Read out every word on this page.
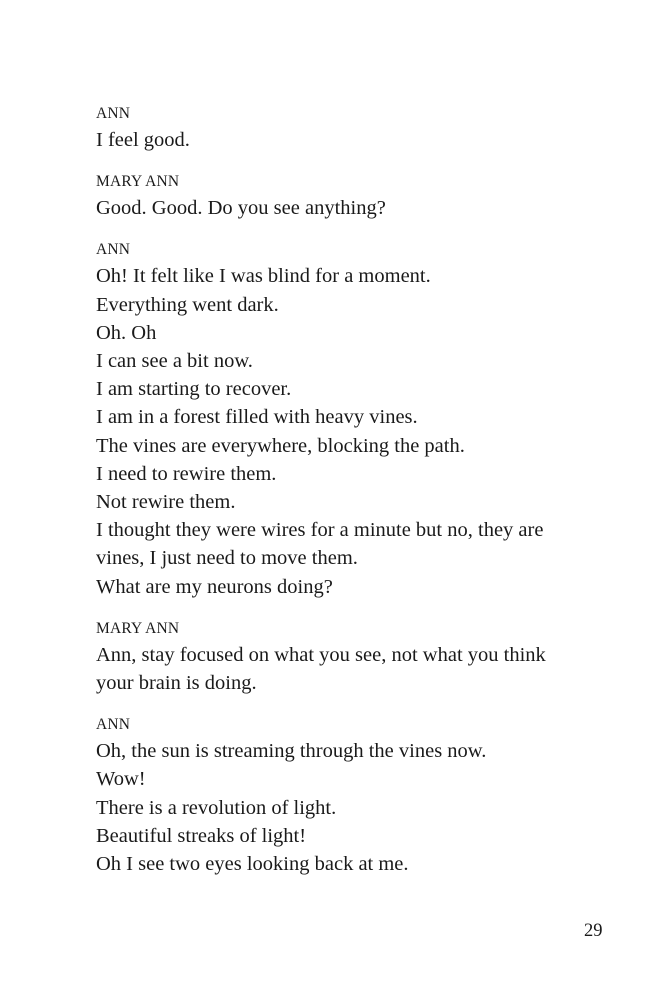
ANN
I feel good.
MARY ANN
Good. Good. Do you see anything?
ANN
Oh! It felt like I was blind for a moment.
Everything went dark.
Oh. Oh
I can see a bit now.
I am starting to recover.
I am in a forest filled with heavy vines.
The vines are everywhere, blocking the path.
I need to rewire them.
Not rewire them.
I thought they were wires for a minute but no, they are
vines, I just need to move them.
What are my neurons doing?
MARY ANN
Ann, stay focused on what you see, not what you think
your brain is doing.
ANN
Oh, the sun is streaming through the vines now.
Wow!
There is a revolution of light.
Beautiful streaks of light!
Oh I see two eyes looking back at me.
29
